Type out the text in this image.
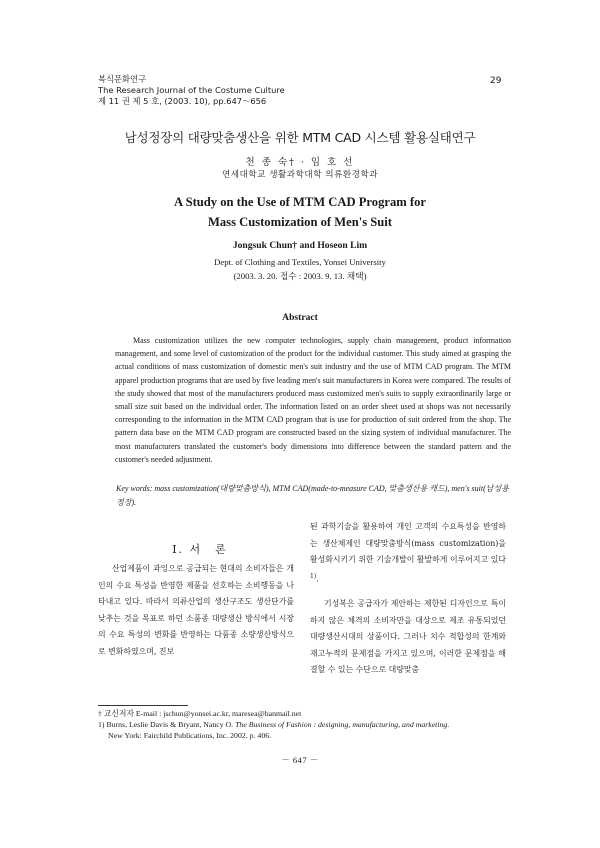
복식문화연구
The Research Journal of the Costume Culture
제 11 권 제 5 호, (2003. 10), pp.647～656
29
남성정장의 대량맞춤생산을 위한 MTM CAD 시스템 활용실태연구
천 종 숙† · 임 호 선
연세대학교 생활과학대학 의류환경학과
A Study on the Use of MTM CAD Program for
Mass Customization of Men's Suit
Jongsuk Chun† and Hoseon Lim
Dept. of Clothing and Textiles, Yonsei University
(2003. 3. 20. 접수 : 2003. 9. 13. 채택)
Abstract
Mass customization utilizes the new computer technologies, supply chain management, product information management, and some level of customization of the product for the individual customer. This study aimed at grasping the actual conditions of mass customization of domestic men's suit industry and the use of MTM CAD program. The MTM apparel production programs that are used by five leading men's suit manufacturers in Korea were compared. The results of the study showed that most of the manufacturers produced mass customized men's suits to supply extraordinarily large or small size suit based on the individual order. The information listed on an order sheet used at shops was not necessarily corresponding to the information in the MTM CAD program that is use for production of suit ordered from the shop. The pattern data base on the MTM CAD program are constructed based on the sizing system of individual manufacturer. The most manufacturers translated the customer's body dimensions into difference between the standard pattern and the customer's needed adjustment.
Key words: mass customization(대량맞춤방식), MTM CAD(made-to-measure CAD, 맞춤생산용 캐드), men's suit(남성용 정장).
Ⅰ. 서　론

산업제품이 과잉으로 공급되는 현대의 소비자들은 개인의 수요 특성을 반영한 제품을 선호하는 소비행동을 나타내고 있다. 따라서 의류산업의 생산구조도 생산단가를 낮추는 것을 목표로 하던 소품종 대량생산 방식에서 시장의 수요 특성의 변화를 반영하는 다품종 소량생산방식으로 변화하였으며, 진보

된 과학기술을 활용하여 개인 고객의 수요특성을 반영하는 생산체제인 대량맞춤방식(mass customization)을 활성화시키기 위한 기술개발이 활발하게 이루어지고 있다$^{1)}$.

기성복은 공급자가 제안하는 제한된 디자인으로 특이하지 않은 체격의 소비자만을 대상으로 제조 유통되었던 대량생산시대의 상품이다. 그러나 치수 적합성의 한계와 재고누적의 문제점을 가지고 있으며, 이러한 문제점을 해결할 수 있는 수단으로 대량맞춤

† 교신저자 E-mail : jschun@yonsei.ac.kr, maresea@hanmail.net
1) Burns, Leslie Davis & Bryant, Nancy O. The Business of Fashion : designing, manufacturing, and marketing.
New York: Fairchild Publications, Inc. 2002. p. 406.
－ 647 －
